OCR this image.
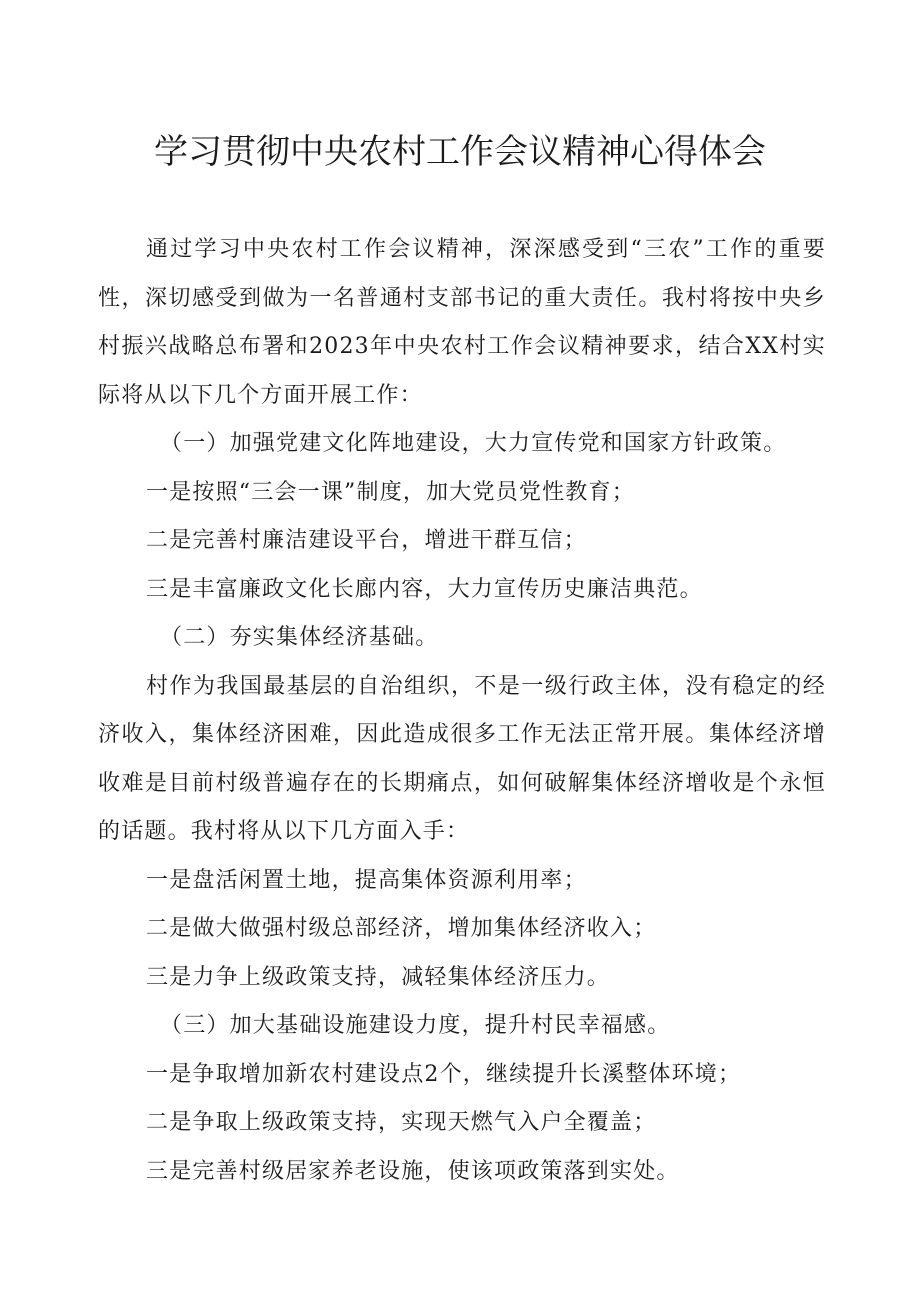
学习贯彻中央农村工作会议精神心得体会

通过学习中央农村工作会议精神，深深感受到“三农”工作的重要性，深切感受到做为一名普通村支部书记的重大责任。我村将按中央乡村振兴战略总布署和2023年中央农村工作会议精神要求，结合XX村实际将从以下几个方面开展工作：

（一）加强党建文化阵地建设，大力宣传党和国家方针政策。

一是按照“三会一课”制度，加大党员党性教育；

二是完善村廉洁建设平台，增进干群互信；

三是丰富廉政文化长廊内容，大力宣传历史廉洁典范。

（二）夯实集体经济基础。

村作为我国最基层的自治组织，不是一级行政主体，没有稳定的经济收入，集体经济困难，因此造成很多工作无法正常开展。集体经济增收难是目前村级普遍存在的长期痛点，如何破解集体经济增收是个永恒的话题。我村将从以下几方面入手：

一是盘活闲置土地，提高集体资源利用率；

二是做大做强村级总部经济，增加集体经济收入；

三是力争上级政策支持，减轻集体经济压力。

（三）加大基础设施建设力度，提升村民幸福感。

一是争取增加新农村建设点2个，继续提升长溪整体环境；

二是争取上级政策支持，实现天燃气入户全覆盖；

三是完善村级居家养老设施，使该项政策落到实处。
